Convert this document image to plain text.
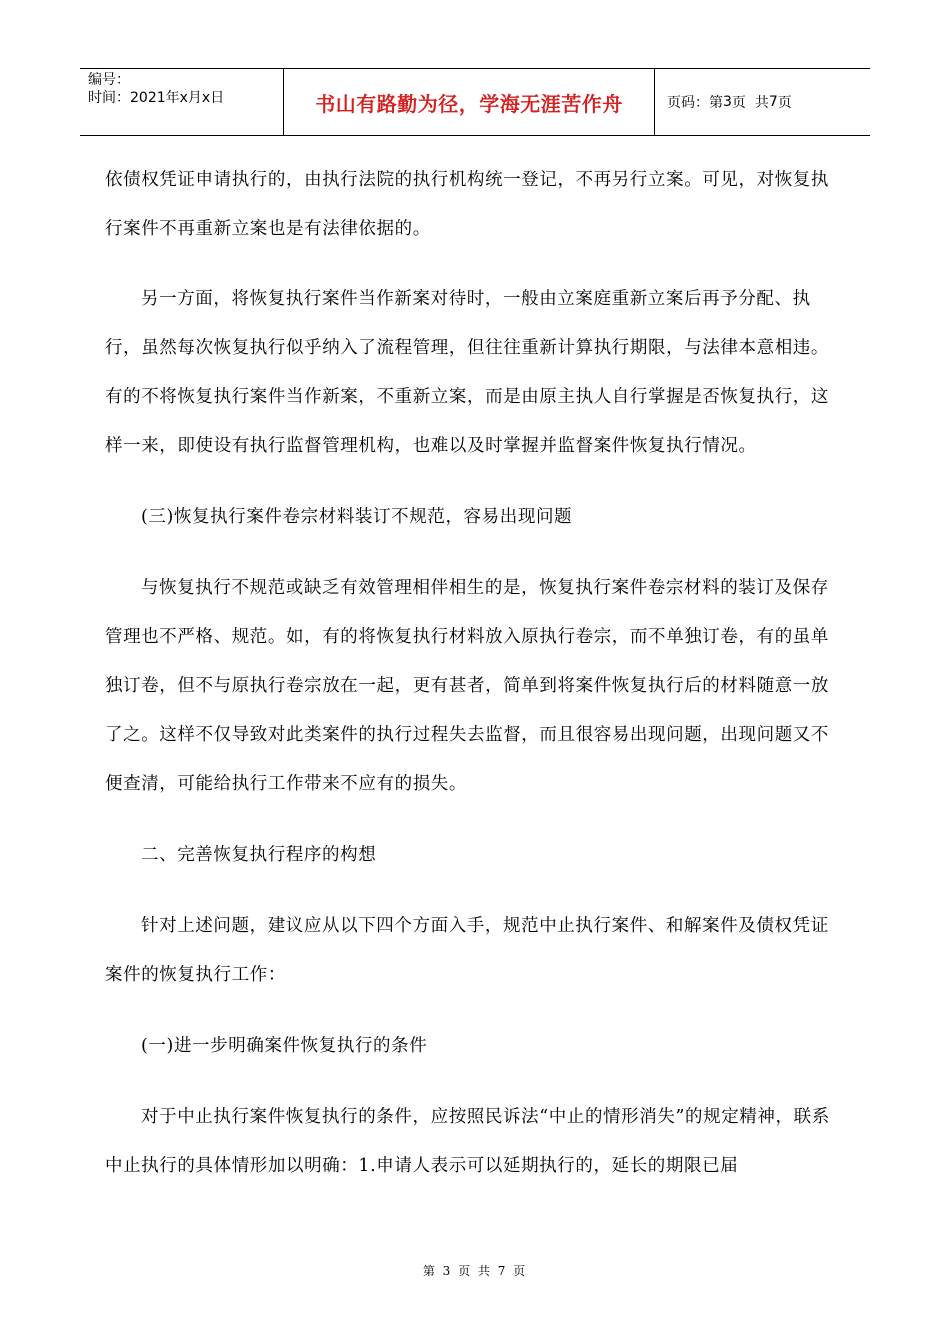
编号：
时间：2021年x月x日	书山有路勤为径，学海无涯苦作舟	页码：第 3 页  共 7 页

依债权凭证申请执行的，由执行法院的执行机构统一登记，不再另行立案。可见，对恢复执行案件不再重新立案也是有法律依据的。

另一方面，将恢复执行案件当作新案对待时，一般由立案庭重新立案后再予分配、执行，虽然每次恢复执行似乎纳入了流程管理，但往往重新计算执行期限，与法律本意相违。有的不将恢复执行案件当作新案，不重新立案，而是由原主执人自行掌握是否恢复执行，这样一来，即使设有执行监督管理机构，也难以及时掌握并监督案件恢复执行情况。

(三)恢复执行案件卷宗材料装订不规范，容易出现问题

与恢复执行不规范或缺乏有效管理相伴相生的是，恢复执行案件卷宗材料的装订及保存管理也不严格、规范。如，有的将恢复执行材料放入原执行卷宗，而不单独订卷，有的虽单独订卷，但不与原执行卷宗放在一起，更有甚者，简单到将案件恢复执行后的材料随意一放了之。这样不仅导致对此类案件的执行过程失去监督，而且很容易出现问题，出现问题又不便查清，可能给执行工作带来不应有的损失。

二、完善恢复执行程序的构想

针对上述问题，建议应从以下四个方面入手，规范中止执行案件、和解案件及债权凭证案件的恢复执行工作：

(一)进一步明确案件恢复执行的条件

对于中止执行案件恢复执行的条件，应按照民诉法“中止的情形消失”的规定精神，联系中止执行的具体情形加以明确：1.申请人表示可以延期执行的，延长的期限已届

第 3 页 共 7 页
